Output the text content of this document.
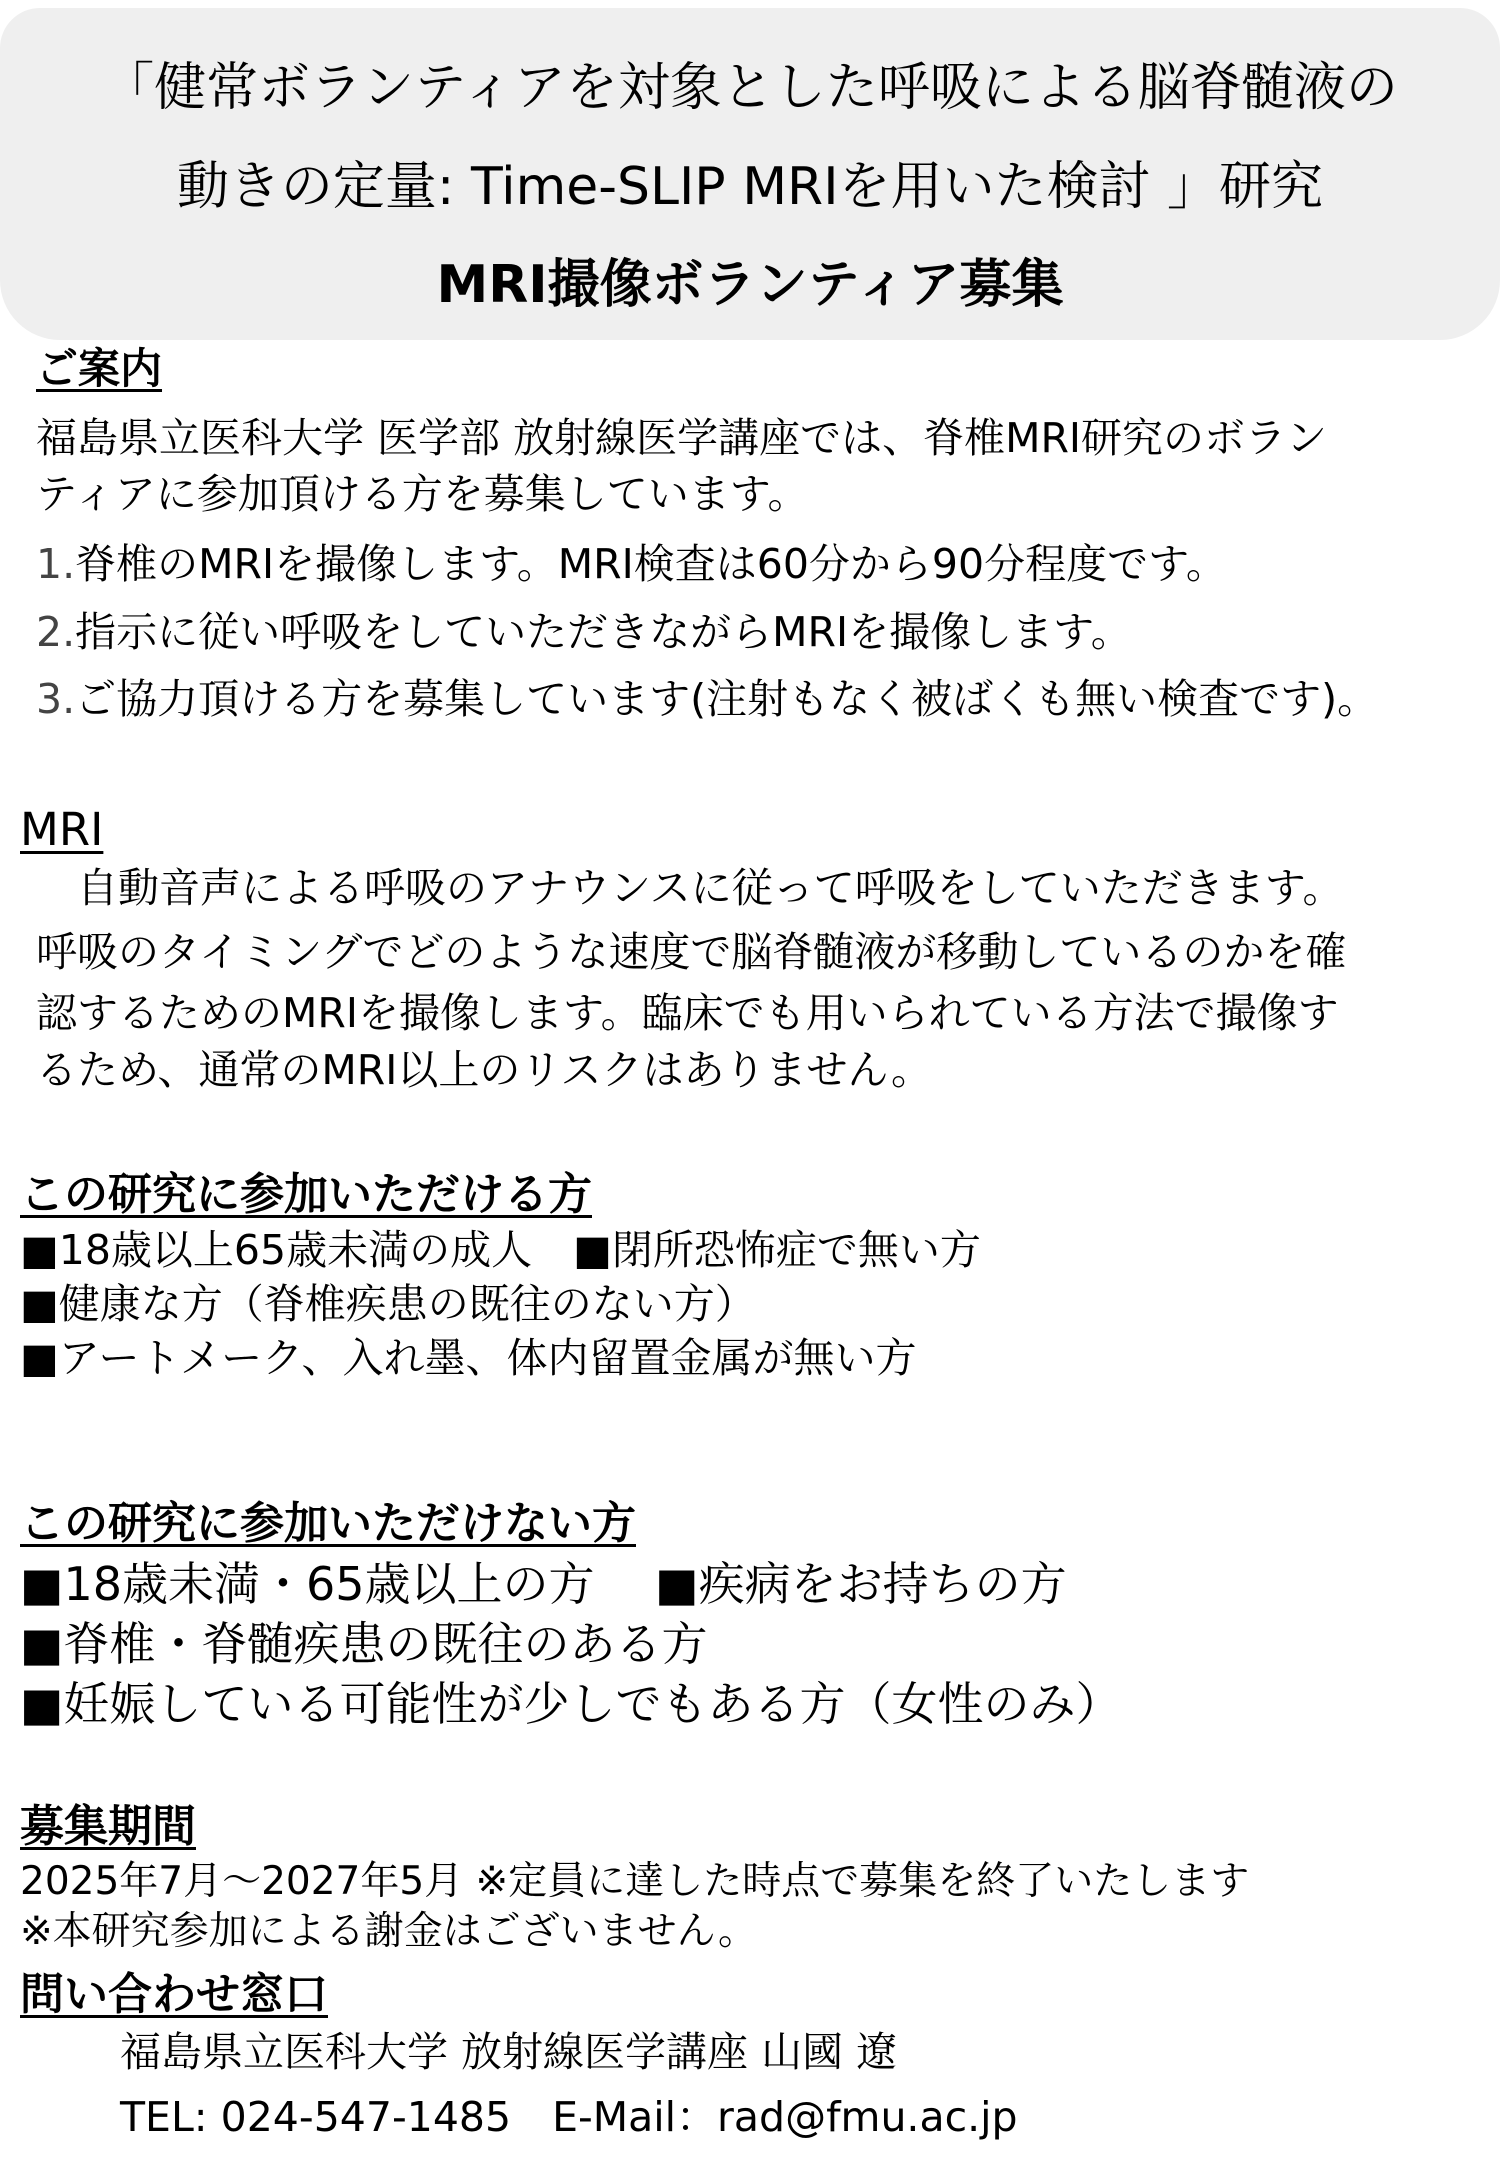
「健常ボランティアを対象とした呼吸による脳脊髄液の
動きの定量: Time-SLIP MRIを用いた検討 」研究
MRI撮像ボランティア募集
ご案内
福島県立医科大学 医学部 放射線医学講座では、脊椎MRI研究のボラン
ティアに参加頂ける方を募集しています。
1.脊椎のMRIを撮像します。MRI検査は60分から90分程度です。
2.指示に従い呼吸をしていただきながらMRIを撮像します。
3.ご協力頂ける方を募集しています(注射もなく被ばくも無い検査です)。
MRI
　自動音声による呼吸のアナウンスに従って呼吸をしていただきます。
呼吸のタイミングでどのような速度で脳脊髄液が移動しているのかを確
認するためのMRIを撮像します。臨床でも用いられている方法で撮像す
るため、通常のMRI以上のリスクはありません。
この研究に参加いただける方
■18歳以上65歳未満の成人　■閉所恐怖症で無い方
■健康な方（脊椎疾患の既往のない方）
■アートメーク、入れ墨、体内留置金属が無い方
この研究に参加いただけない方
■18歳未満・65歳以上の方　 ■疾病をお持ちの方
■脊椎・脊髄疾患の既往のある方
■妊娠している可能性が少しでもある方（女性のみ）
募集期間
2025年7月～2027年5月 ※定員に達した時点で募集を終了いたします
※本研究参加による謝金はございません。
問い合わせ窓口
福島県立医科大学 放射線医学講座 山國 遼
TEL: 024-547-1485　E-Mail：rad@fmu.ac.jp
